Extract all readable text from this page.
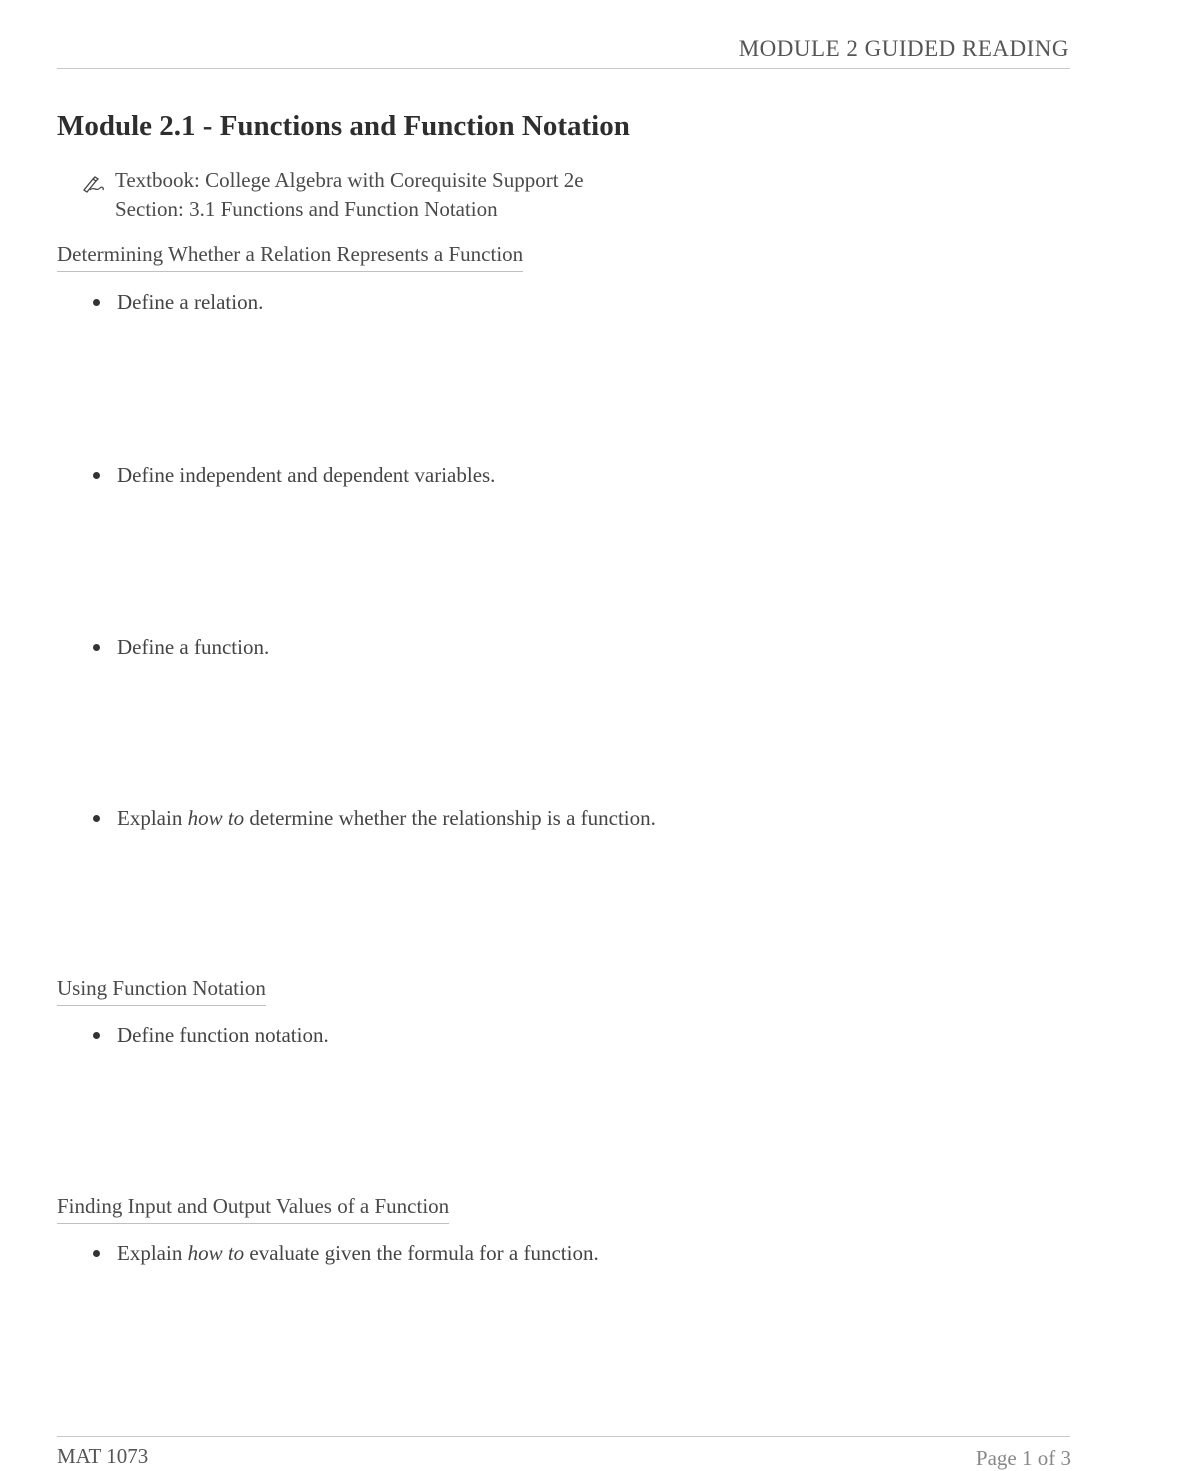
MODULE 2 GUIDED READING
Module 2.1 - Functions and Function Notation
Textbook: College Algebra with Corequisite Support 2e
Section: 3.1 Functions and Function Notation
Determining Whether a Relation Represents a Function
Define a relation.
Define independent and dependent variables.
Define a function.
Explain how to determine whether the relationship is a function.
Using Function Notation
Define function notation.
Finding Input and Output Values of a Function
Explain how to evaluate given the formula for a function.
MAT 1073	Page 1 of 3
